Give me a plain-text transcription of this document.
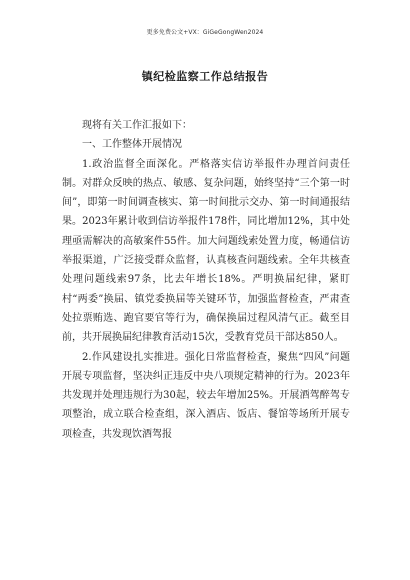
更多免费公文+VX：GiGeGongWen2024
镇纪检监察工作总结报告

现将有关工作汇报如下：

一、工作整体开展情况

1.政治监督全面深化。严格落实信访举报件办理首问责任制。对群众反映的热点、敏感、复杂问题，始终坚持“三个第一时间”，即第一时间调查核实、第一时间批示交办、第一时间通报结果。2023年累计收到信访举报件178件，同比增加12%，其中处理亟需解决的高敏案件55件。加大问题线索处置力度，畅通信访举报渠道，广泛接受群众监督，认真核查问题线索。全年共核查处理问题线索97条，比去年增长18%。严明换届纪律，紧盯村“两委”换届、镇党委换届等关键环节，加强监督检查，严肃查处拉票贿选、跑官要官等行为，确保换届过程风清气正。截至目前，共开展换届纪律教育活动15次，受教育党员干部达850人。

2.作风建设扎实推进。强化日常监督检查，聚焦“四风”问题开展专项监督，坚决纠正违反中央八项规定精神的行为。2023年共发现并处理违规行为30起，较去年增加25%。开展酒驾醉驾专项整治，成立联合检查组，深入酒店、饭店、餐馆等场所开展专项检查，共发现饮酒驾报
